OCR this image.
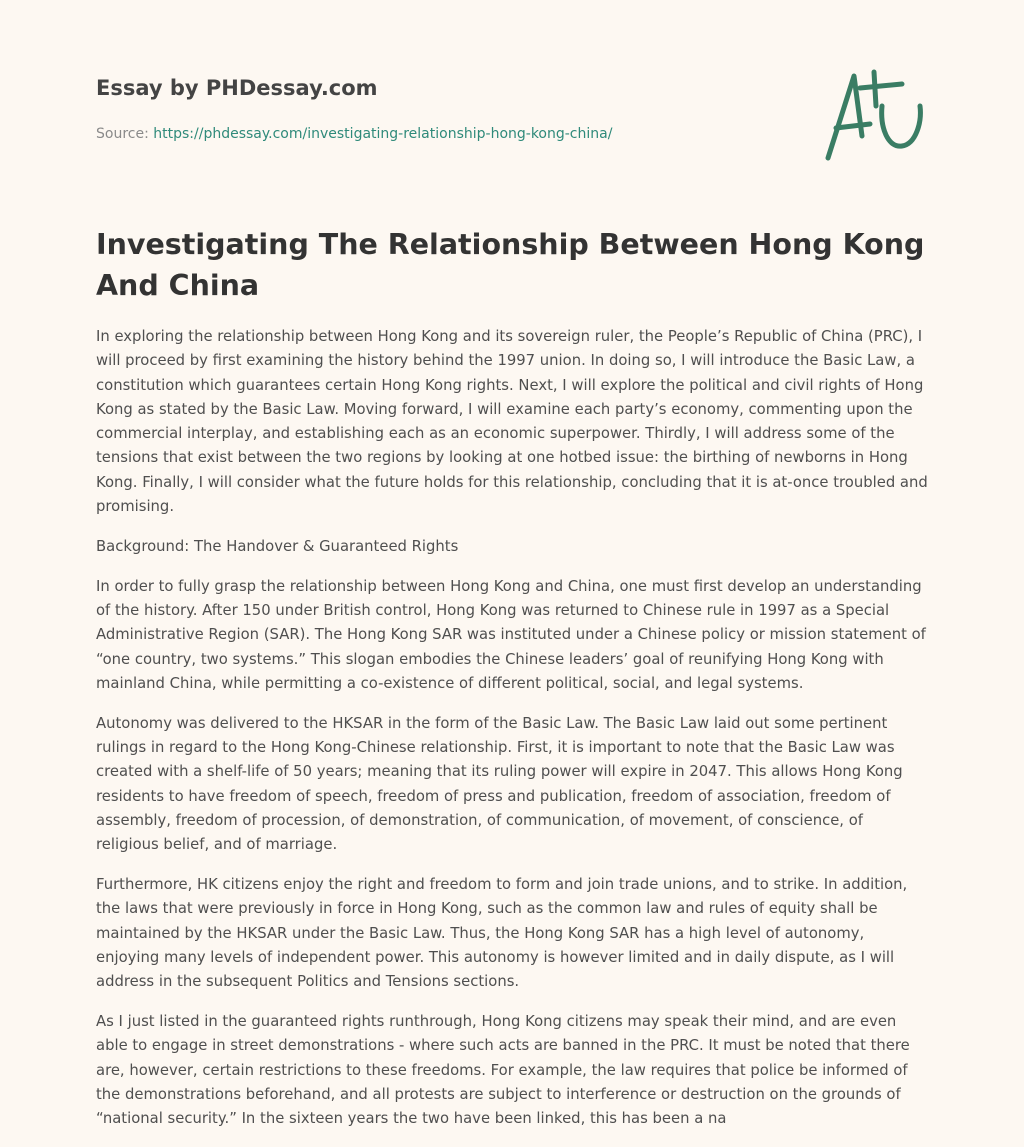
Essay by PHDessay.com
Source: https://phdessay.com/investigating-relationship-hong-kong-china/
Investigating The Relationship Between Hong Kong And China

In exploring the relationship between Hong Kong and its sovereign ruler, the People’s Republic of China (PRC), I will proceed by first examining the history behind the 1997 union. In doing so, I will introduce the Basic Law, a constitution which guarantees certain Hong Kong rights. Next, I will explore the political and civil rights of Hong Kong as stated by the Basic Law. Moving forward, I will examine each party’s economy, commenting upon the commercial interplay, and establishing each as an economic superpower. Thirdly, I will address some of the tensions that exist between the two regions by looking at one hotbed issue: the birthing of newborns in Hong Kong. Finally, I will consider what the future holds for this relationship, concluding that it is at-once troubled and promising.

Background: The Handover & Guaranteed Rights

In order to fully grasp the relationship between Hong Kong and China, one must first develop an understanding of the history. After 150 under British control, Hong Kong was returned to Chinese rule in 1997 as a Special Administrative Region (SAR). The Hong Kong SAR was instituted under a Chinese policy or mission statement of “one country, two systems.” This slogan embodies the Chinese leaders’ goal of reunifying Hong Kong with mainland China, while permitting a co-existence of different political, social, and legal systems.

Autonomy was delivered to the HKSAR in the form of the Basic Law. The Basic Law laid out some pertinent rulings in regard to the Hong Kong-Chinese relationship. First, it is important to note that the Basic Law was created with a shelf-life of 50 years; meaning that its ruling power will expire in 2047. This allows Hong Kong residents to have freedom of speech, freedom of press and publication, freedom of association, freedom of assembly, freedom of procession, of demonstration, of communication, of movement, of conscience, of religious belief, and of marriage.

Furthermore, HK citizens enjoy the right and freedom to form and join trade unions, and to strike. In addition, the laws that were previously in force in Hong Kong, such as the common law and rules of equity shall be maintained by the HKSAR under the Basic Law. Thus, the Hong Kong SAR has a high level of autonomy, enjoying many levels of independent power. This autonomy is however limited and in daily dispute, as I will address in the subsequent Politics and Tensions sections.

As I just listed in the guaranteed rights runthrough, Hong Kong citizens may speak their mind, and are even able to engage in street demonstrations - where such acts are banned in the PRC. It must be noted that there are, however, certain restrictions to these freedoms. For example, the law requires that police be informed of the demonstrations beforehand, and all protests are subject to interference or destruction on the grounds of “national security.” In the sixteen years the two have been linked, this has been a na
